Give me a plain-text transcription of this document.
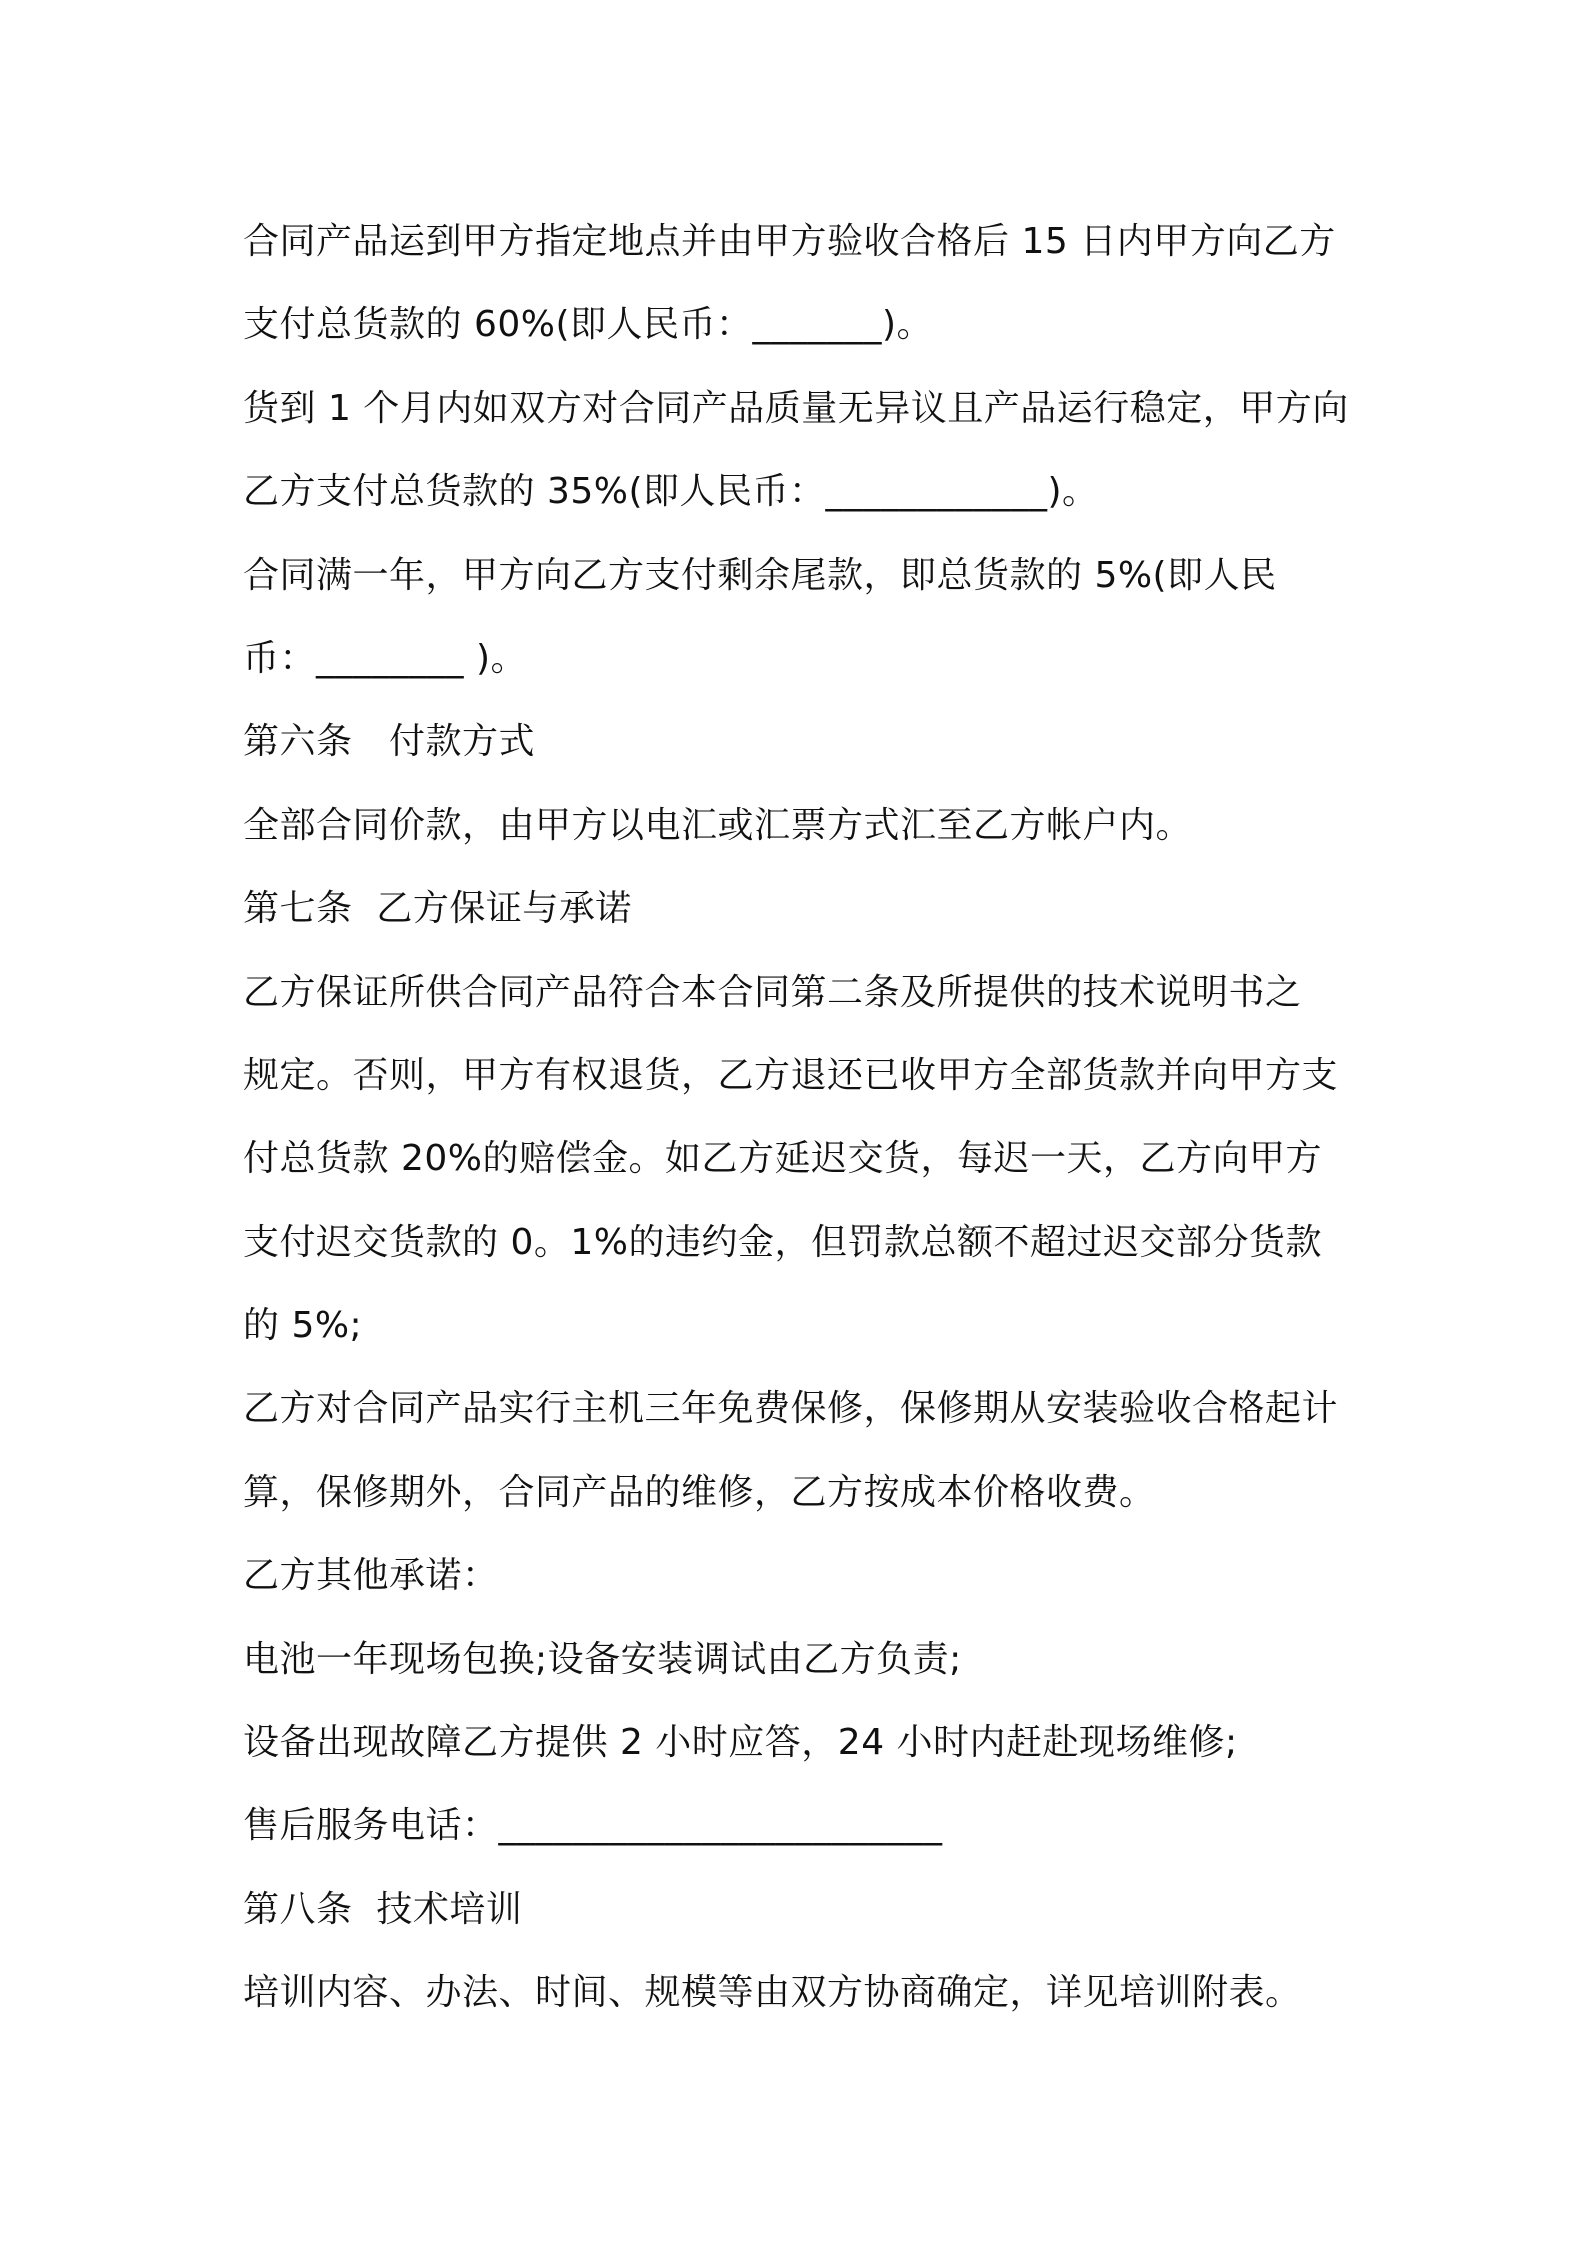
合同产品运到甲方指定地点并由甲方验收合格后 15 日内甲方向乙方

支付总货款的 60%(即人民币：_______)。

货到 1 个月内如双方对合同产品质量无异议且产品运行稳定，甲方向

乙方支付总货款的 35%(即人民币：____________)。

合同满一年，甲方向乙方支付剩余尾款，即总货款的 5%(即人民

币：________ )。

第六条　付款方式

全部合同价款，由甲方以电汇或汇票方式汇至乙方帐户内。

第七条  乙方保证与承诺

乙方保证所供合同产品符合本合同第二条及所提供的技术说明书之

规定。否则，甲方有权退货，乙方退还已收甲方全部货款并向甲方支

付总货款 20%的赔偿金。如乙方延迟交货，每迟一天，乙方向甲方

支付迟交货款的 0。1%的违约金，但罚款总额不超过迟交部分货款

的 5%;

乙方对合同产品实行主机三年免费保修，保修期从安装验收合格起计

算，保修期外，合同产品的维修，乙方按成本价格收费。

乙方其他承诺：

电池一年现场包换;设备安装调试由乙方负责;

设备出现故障乙方提供 2 小时应答，24 小时内赶赴现场维修;

售后服务电话：________________________

第八条  技术培训

培训内容、办法、时间、规模等由双方协商确定，详见培训附表。
